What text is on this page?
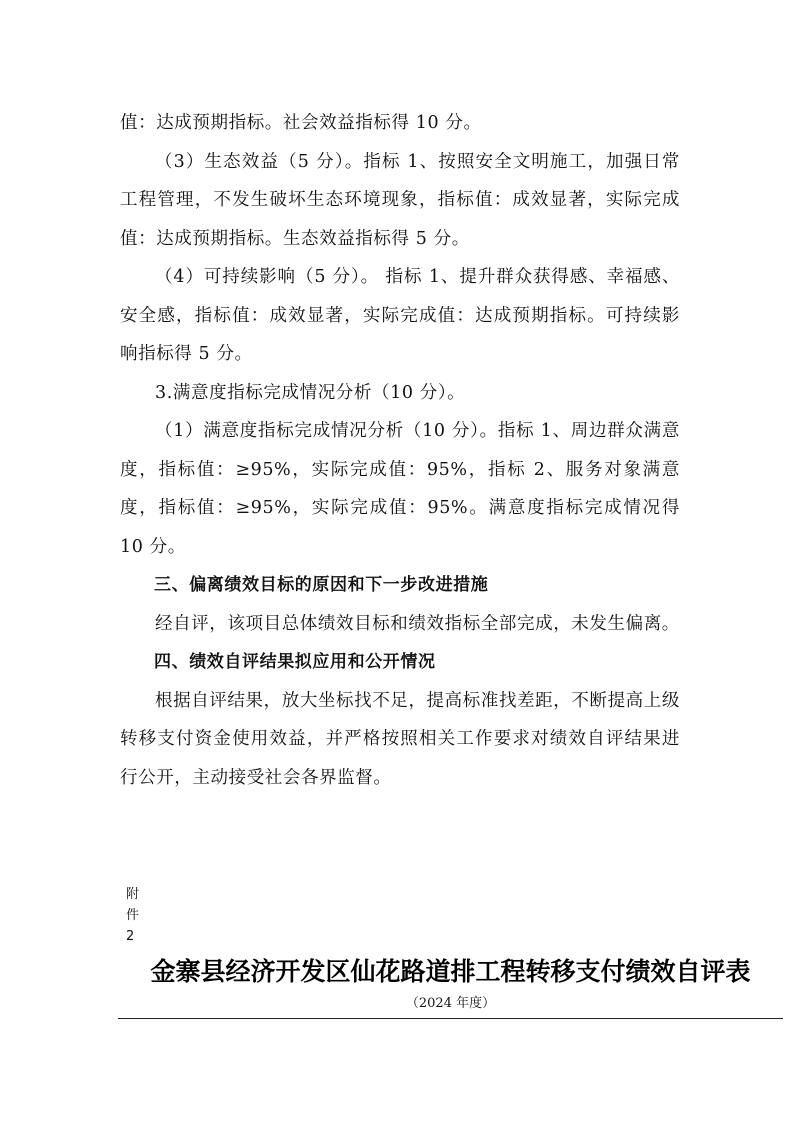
值：达成预期指标。社会效益指标得 10 分。

（3）生态效益（5 分）。指标 1、按照安全文明施工，加强日常工程管理，不发生破坏生态环境现象，指标值：成效显著，实际完成值：达成预期指标。生态效益指标得 5 分。

（4）可持续影响（5 分）。 指标 1、提升群众获得感、幸福感、安全感，指标值：成效显著，实际完成值：达成预期指标。可持续影响指标得 5 分。

3.满意度指标完成情况分析（10 分）。

（1）满意度指标完成情况分析（10 分）。指标 1、周边群众满意度，指标值：≥95%，实际完成值：95%，指标 2、服务对象满意度，指标值：≥95%，实际完成值：95%。满意度指标完成情况得 10 分。

三、偏离绩效目标的原因和下一步改进措施

经自评，该项目总体绩效目标和绩效指标全部完成，未发生偏离。

四、绩效自评结果拟应用和公开情况

根据自评结果，放大坐标找不足，提高标准找差距，不断提高上级转移支付资金使用效益，并严格按照相关工作要求对绩效自评结果进行公开，主动接受社会各界监督。

附
件
2
金寨县经济开发区仙花路道排工程转移支付绩效自评表
（2024 年度）
